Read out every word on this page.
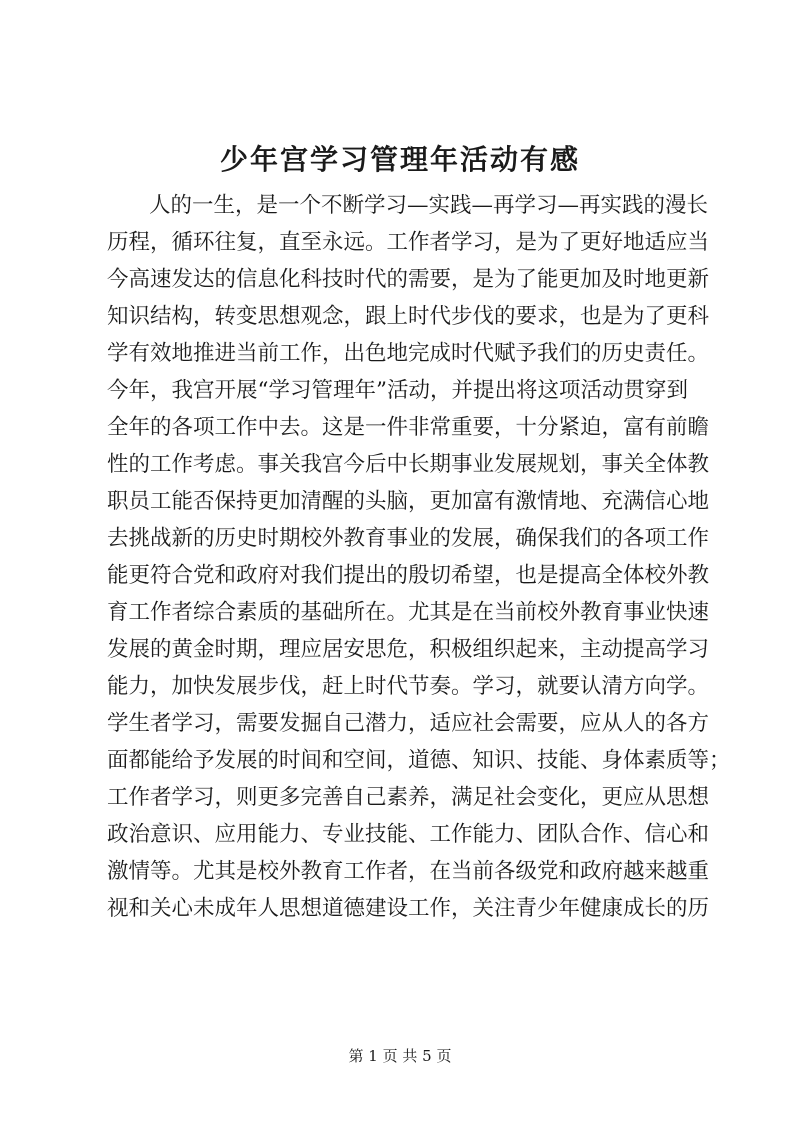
少年宫学习管理年活动有感
人的一生，是一个不断学习—实践—再学习—再实践的漫长
历程，循环往复，直至永远。工作者学习，是为了更好地适应当
今高速发达的信息化科技时代的需要，是为了能更加及时地更新
知识结构，转变思想观念，跟上时代步伐的要求，也是为了更科
学有效地推进当前工作，出色地完成时代赋予我们的历史责任。
今年，我宫开展“学习管理年”活动，并提出将这项活动贯穿到
全年的各项工作中去。这是一件非常重要，十分紧迫，富有前瞻
性的工作考虑。事关我宫今后中长期事业发展规划，事关全体教
职员工能否保持更加清醒的头脑，更加富有激情地、充满信心地
去挑战新的历史时期校外教育事业的发展，确保我们的各项工作
能更符合党和政府对我们提出的殷切希望，也是提高全体校外教
育工作者综合素质的基础所在。尤其是在当前校外教育事业快速
发展的黄金时期，理应居安思危，积极组织起来，主动提高学习
能力，加快发展步伐，赶上时代节奏。学习，就要认清方向学。
学生者学习，需要发掘自己潜力，适应社会需要，应从人的各方
面都能给予发展的时间和空间，道德、知识、技能、身体素质等；
工作者学习，则更多完善自己素养，满足社会变化，更应从思想
政治意识、应用能力、专业技能、工作能力、团队合作、信心和
激情等。尤其是校外教育工作者，在当前各级党和政府越来越重
视和关心未成年人思想道德建设工作，关注青少年健康成长的历
第 1 页 共 5 页
